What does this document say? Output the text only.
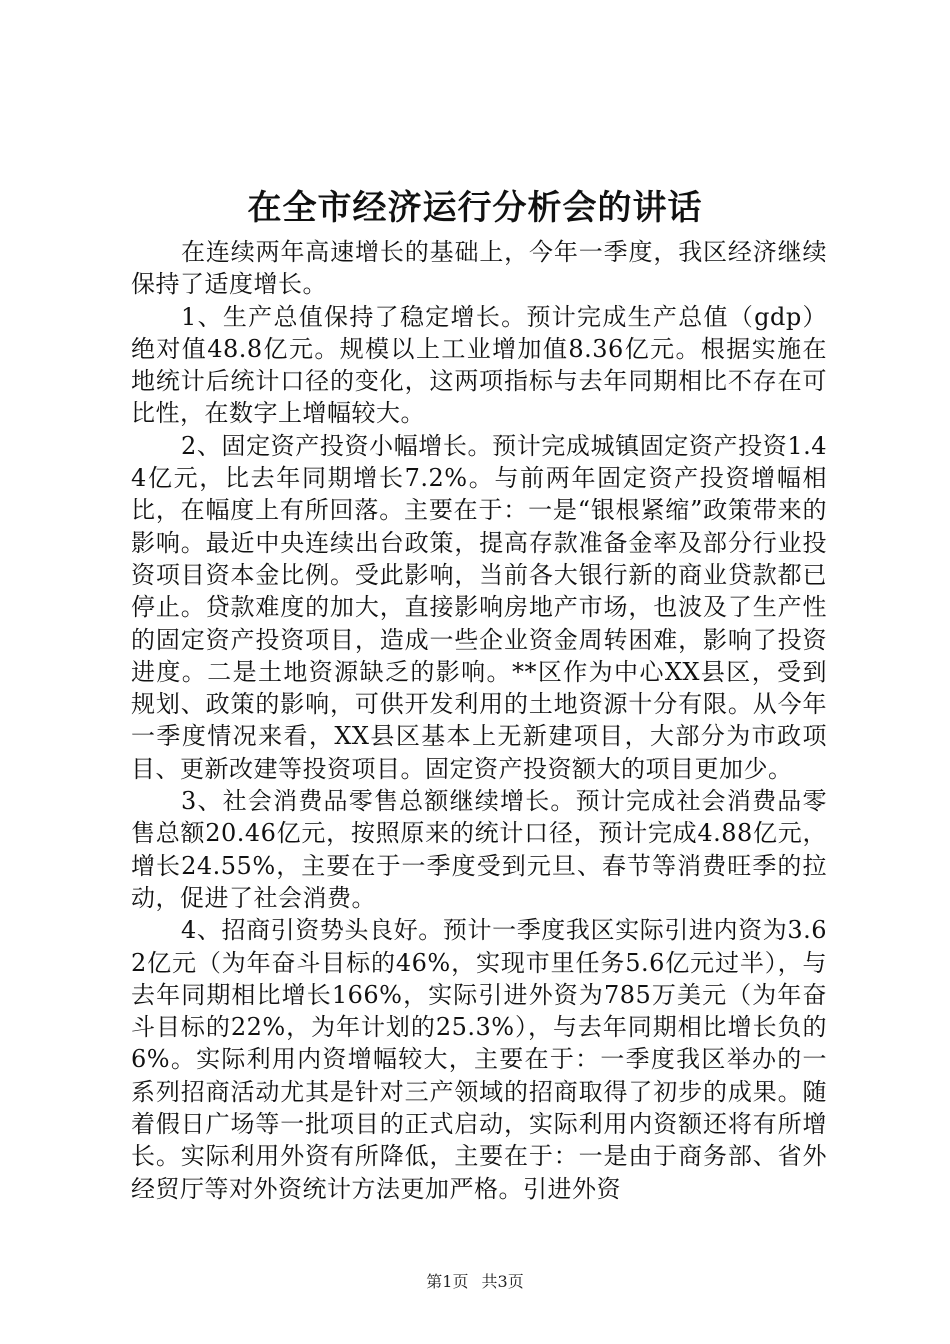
在全市经济运行分析会的讲话

在连续两年高速增长的基础上，今年一季度，我区经济继续保持了适度增长。

1、生产总值保持了稳定增长。预计完成生产总值（gdp）绝对值48.8亿元。规模以上工业增加值8.36亿元。根据实施在地统计后统计口径的变化，这两项指标与去年同期相比不存在可比性，在数字上增幅较大。

2、固定资产投资小幅增长。预计完成城镇固定资产投资1.44亿元，比去年同期增长7.2%。与前两年固定资产投资增幅相比，在幅度上有所回落。主要在于：一是“银根紧缩”政策带来的影响。最近中央连续出台政策，提高存款准备金率及部分行业投资项目资本金比例。受此影响，当前各大银行新的商业贷款都已停止。贷款难度的加大，直接影响房地产市场，也波及了生产性的固定资产投资项目，造成一些企业资金周转困难，影响了投资进度。二是土地资源缺乏的影响。**区作为中心XX县区，受到规划、政策的影响，可供开发利用的土地资源十分有限。从今年一季度情况来看，XX县区基本上无新建项目，大部分为市政项目、更新改建等投资项目。固定资产投资额大的项目更加少。

3、社会消费品零售总额继续增长。预计完成社会消费品零售总额20.46亿元，按照原来的统计口径，预计完成4.88亿元，增长24.55%，主要在于一季度受到元旦、春节等消费旺季的拉动，促进了社会消费。

4、招商引资势头良好。预计一季度我区实际引进内资为3.62亿元（为年奋斗目标的46%，实现市里任务5.6亿元过半），与去年同期相比增长166%，实际引进外资为785万美元（为年奋斗目标的22%，为年计划的25.3%），与去年同期相比增长负的6%。实际利用内资增幅较大，主要在于：一季度我区举办的一系列招商活动尤其是针对三产领域的招商取得了初步的成果。随着假日广场等一批项目的正式启动，实际利用内资额还将有所增长。实际利用外资有所降低，主要在于：一是由于商务部、省外经贸厅等对外资统计方法更加严格。引进外资

第1页 共3页
